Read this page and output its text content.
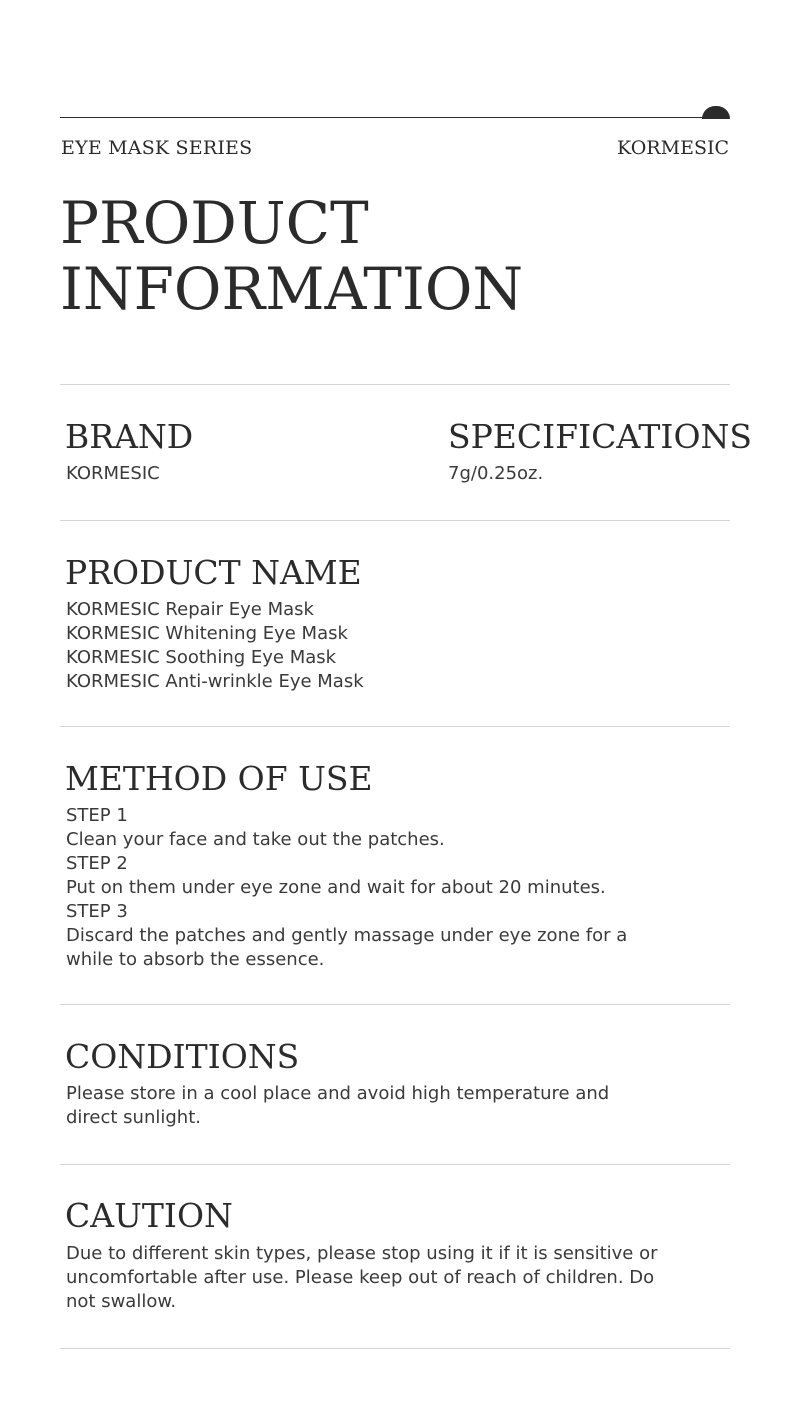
EYE MASK SERIES	KORMESIC
PRODUCT
INFORMATION
BRAND

KORMESIC

SPECIFICATIONS

7g/0.25oz.

PRODUCT NAME

KORMESIC Repair Eye Mask
KORMESIC Whitening Eye Mask
KORMESIC Soothing Eye Mask
KORMESIC Anti-wrinkle Eye Mask

METHOD OF USE

STEP 1
Clean your face and take out the patches.
STEP 2
Put on them under eye zone and wait for about 20 minutes.
STEP 3
Discard the patches and gently massage under eye zone for a
while to absorb the essence.

CONDITIONS

Please store in a cool place and avoid high temperature and
direct sunlight.

CAUTION

Due to different skin types, please stop using it if it is sensitive or
uncomfortable after use. Please keep out of reach of children. Do
not swallow.
